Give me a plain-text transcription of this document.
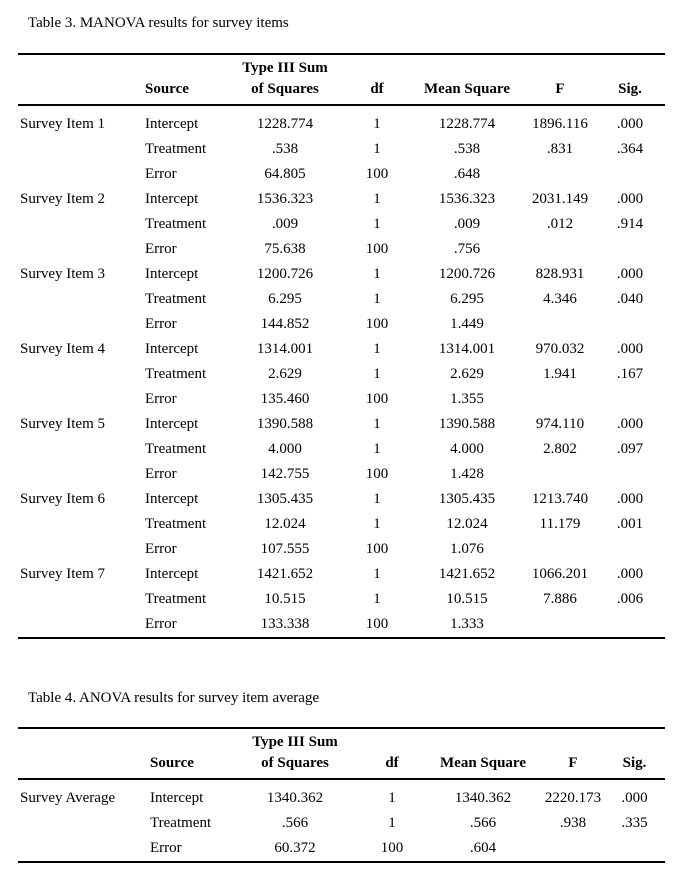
Table 3. MANOVA results for survey items

	Source	Type III Sum
of Squares	df	Mean Square	F	Sig.
Survey Item 1	Intercept	1228.774	1	1228.774	1896.116	.000
	Treatment	.538	1	.538	.831	.364
	Error	64.805	100	.648		
Survey Item 2	Intercept	1536.323	1	1536.323	2031.149	.000
	Treatment	.009	1	.009	.012	.914
	Error	75.638	100	.756		
Survey Item 3	Intercept	1200.726	1	1200.726	828.931	.000
	Treatment	6.295	1	6.295	4.346	.040
	Error	144.852	100	1.449		
Survey Item 4	Intercept	1314.001	1	1314.001	970.032	.000
	Treatment	2.629	1	2.629	1.941	.167
	Error	135.460	100	1.355		
Survey Item 5	Intercept	1390.588	1	1390.588	974.110	.000
	Treatment	4.000	1	4.000	2.802	.097
	Error	142.755	100	1.428		
Survey Item 6	Intercept	1305.435	1	1305.435	1213.740	.000
	Treatment	12.024	1	12.024	11.179	.001
	Error	107.555	100	1.076		
Survey Item 7	Intercept	1421.652	1	1421.652	1066.201	.000
	Treatment	10.515	1	10.515	7.886	.006
	Error	133.338	100	1.333		

Table 4. ANOVA results for survey item average

	Source	Type III Sum
of Squares	df	Mean Square	F	Sig.
Survey Average	Intercept	1340.362	1	1340.362	2220.173	.000
	Treatment	.566	1	.566	.938	.335
	Error	60.372	100	.604		
